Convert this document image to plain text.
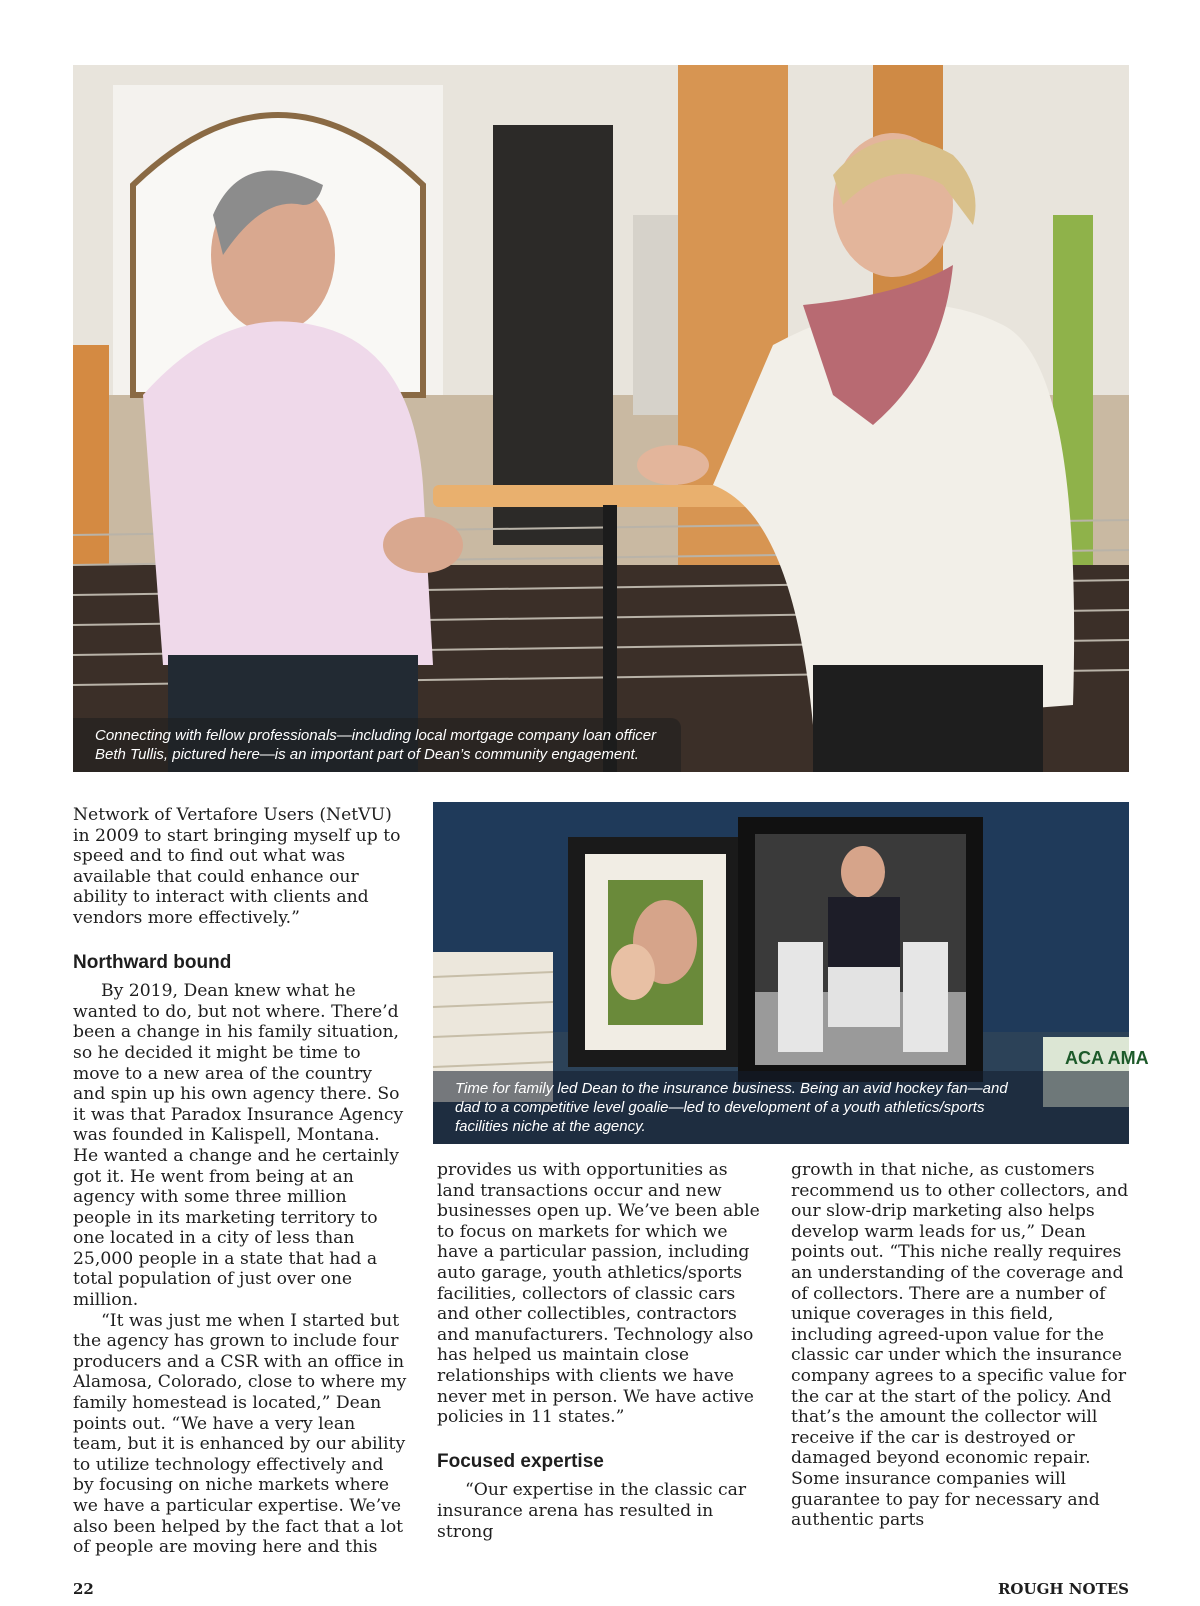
Connecting with fellow professionals—including local mortgage company loan officer Beth Tullis, pictured here—is an important part of Dean’s community engagement.

Network of Vertafore Users (NetVU) in 2009 to start bringing myself up to speed and to find out what was available that could enhance our ability to interact with clients and vendors more effectively.”

Northward bound

By 2019, Dean knew what he wanted to do, but not where. There’d been a change in his family situation, so he decided it might be time to move to a new area of the country and spin up his own agency there. So it was that Paradox Insurance Agency was founded in Kalispell, Montana. He wanted a change and he certainly got it. He went from being at an agency with some three million people in its marketing territory to one located in a city of less than 25,000 people in a state that had a total population of just over one million.

“It was just me when I started but the agency has grown to include four producers and a CSR with an office in Alamosa, Colorado, close to where my family homestead is located,” Dean points out. “We have a very lean team, but it is enhanced by our ability to utilize technology effectively and by focusing on niche markets where we have a particular expertise. We’ve also been helped by the fact that a lot of people are moving here and this

ACA AMA
Time for family led Dean to the insurance business. Being an avid hockey fan—and dad to a competitive level goalie—led to development of a youth athletics/sports facilities niche at the agency.

provides us with opportunities as land transactions occur and new businesses open up. We’ve been able to focus on markets for which we have a particular passion, including auto garage, youth athletics/sports facilities, collectors of classic cars and other collectibles, contractors and manufacturers. Technology also has helped us maintain close relationships with clients we have never met in person. We have active policies in 11 states.”

Focused expertise

“Our expertise in the classic car insurance arena has resulted in strong

growth in that niche, as customers recommend us to other collectors, and our slow-drip marketing also helps develop warm leads for us,” Dean points out. “This niche really requires an understanding of the coverage and of collectors. There are a number of unique coverages in this field, including agreed-upon value for the classic car under which the insurance company agrees to a specific value for the car at the start of the policy. And that’s the amount the collector will receive if the car is destroyed or damaged beyond economic repair. Some insurance companies will guarantee to pay for necessary and authentic parts

22	ROUGH NOTES
